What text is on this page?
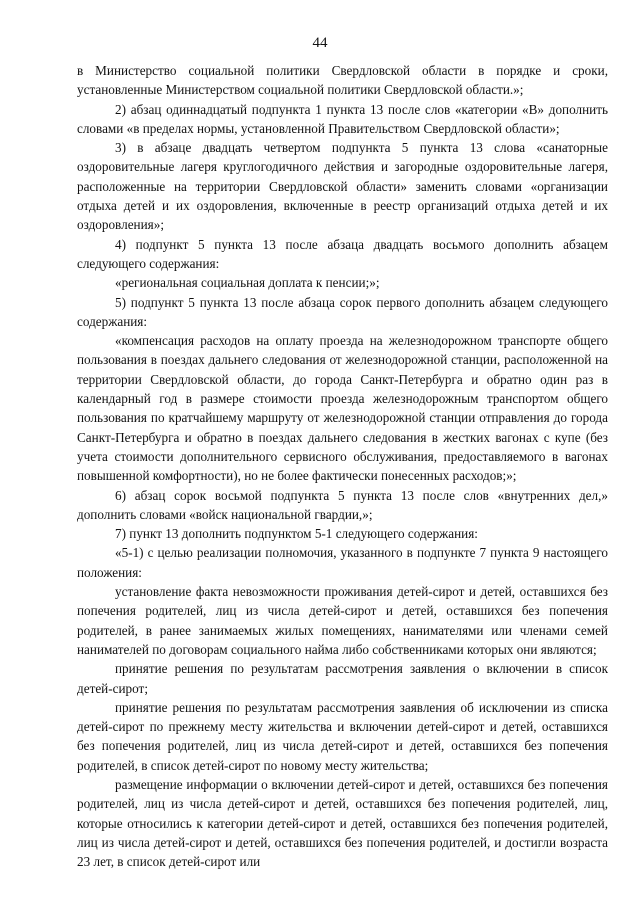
44

в Министерство социальной политики Свердловской области в порядке и сроки, установленные Министерством социальной политики Свердловской области.»;

2) абзац одиннадцатый подпункта 1 пункта 13 после слов «категории «В» дополнить словами «в пределах нормы, установленной Правительством Свердловской области»;

3) в абзаце двадцать четвертом подпункта 5 пункта 13 слова «санаторные оздоровительные лагеря круглогодичного действия и загородные оздоровительные лагеря, расположенные на территории Свердловской области» заменить словами «организации отдыха детей и их оздоровления, включенные в реестр организаций отдыха детей и их оздоровления»;

4) подпункт 5 пункта 13 после абзаца двадцать восьмого дополнить абзацем следующего содержания:

«региональная социальная доплата к пенсии;»;

5) подпункт 5 пункта 13 после абзаца сорок первого дополнить абзацем следующего содержания:

«компенсация расходов на оплату проезда на железнодорожном транспорте общего пользования в поездах дальнего следования от железнодорожной станции, расположенной на территории Свердловской области, до города Санкт-Петербурга и обратно один раз в календарный год в размере стоимости проезда железнодорожным транспортом общего пользования по кратчайшему маршруту от железнодорожной станции отправления до города Санкт-Петербурга и обратно в поездах дальнего следования в жестких вагонах с купе (без учета стоимости дополнительного сервисного обслуживания, предоставляемого в вагонах повышенной комфортности), но не более фактически понесенных расходов;»;

6) абзац сорок восьмой подпункта 5 пункта 13 после слов «внутренних дел,» дополнить словами «войск национальной гвардии,»;

7) пункт 13 дополнить подпунктом 5-1 следующего содержания:

«5-1) с целью реализации полномочия, указанного в подпункте 7 пункта 9 настоящего положения:

установление факта невозможности проживания детей-сирот и детей, оставшихся без попечения родителей, лиц из числа детей-сирот и детей, оставшихся без попечения родителей, в ранее занимаемых жилых помещениях, нанимателями или членами семей нанимателей по договорам социального найма либо собственниками которых они являются;

принятие решения по результатам рассмотрения заявления о включении в список детей-сирот;

принятие решения по результатам рассмотрения заявления об исключении из списка детей-сирот по прежнему месту жительства и включении детей-сирот и детей, оставшихся без попечения родителей, лиц из числа детей-сирот и детей, оставшихся без попечения родителей, в список детей-сирот по новому месту жительства;

размещение информации о включении детей-сирот и детей, оставшихся без попечения родителей, лиц из числа детей-сирот и детей, оставшихся без попечения родителей, лиц, которые относились к категории детей-сирот и детей, оставшихся без попечения родителей, лиц из числа детей-сирот и детей, оставшихся без попечения родителей, и достигли возраста 23 лет, в список детей-сирот или
